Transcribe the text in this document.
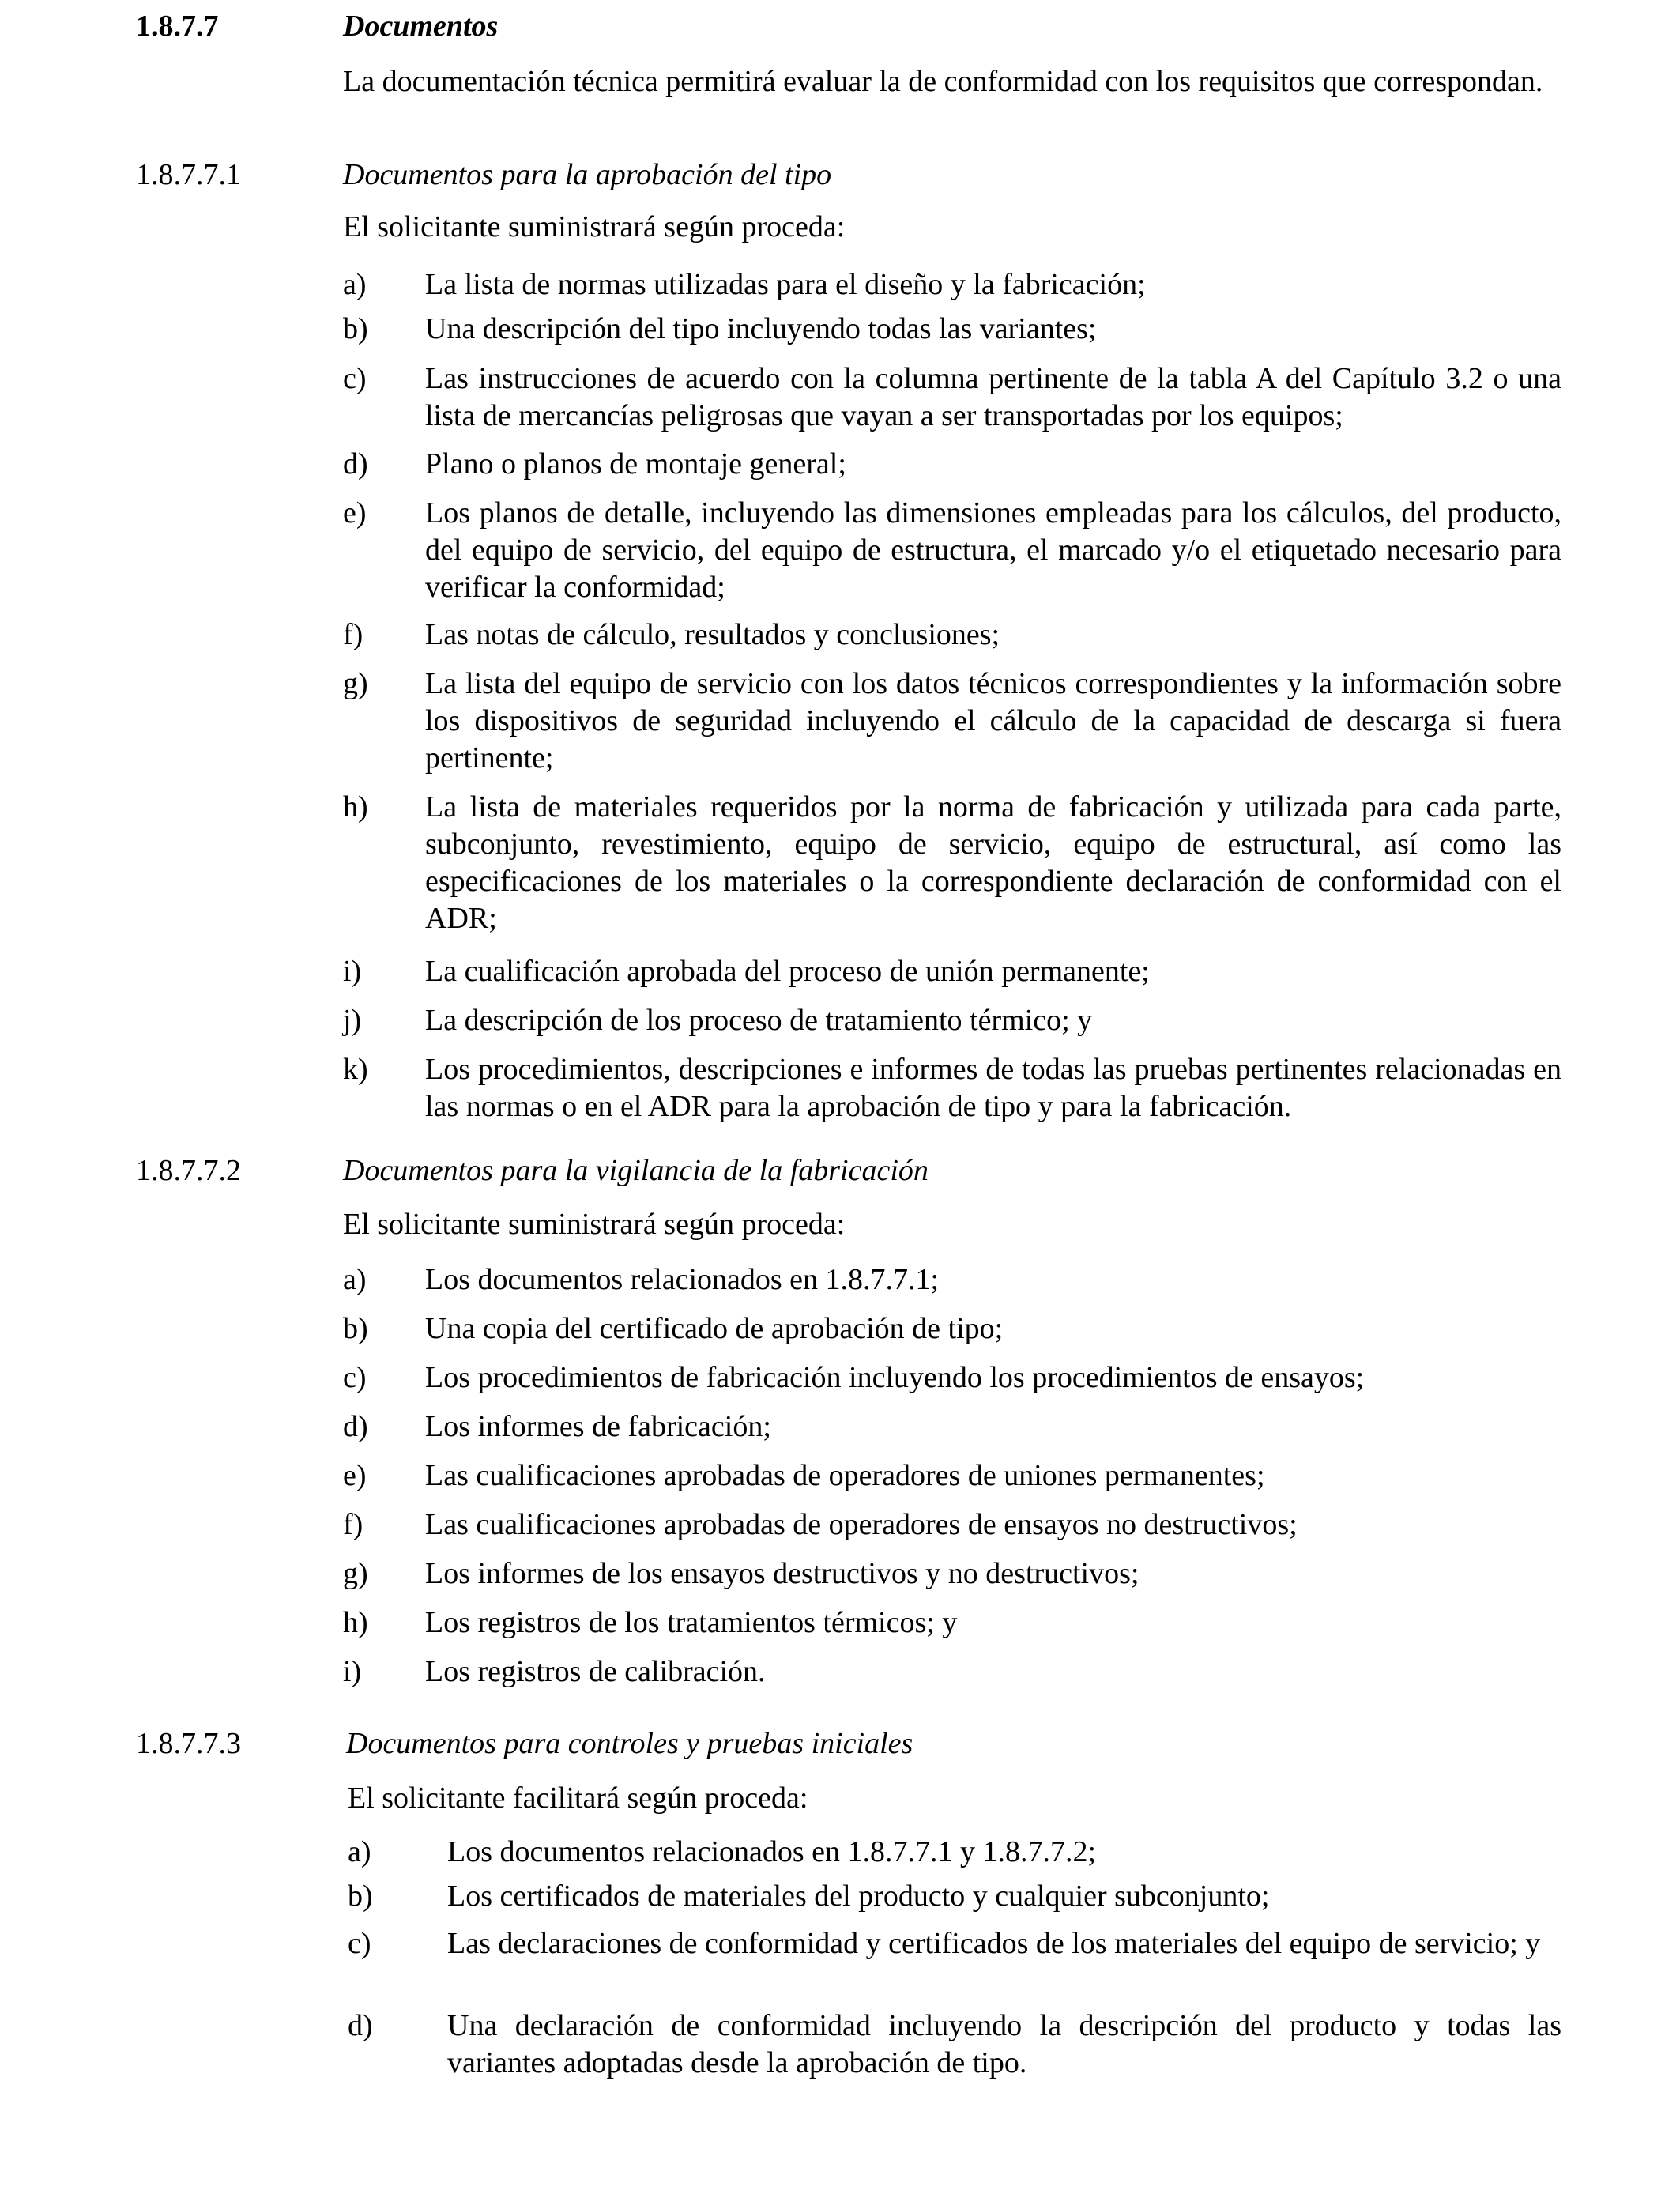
1.8.7.7	Documentos
La documentación técnica permitirá evaluar la de conformidad con los requisitos que correspondan.
1.8.7.7.1	Documentos para la aprobación del tipo
El solicitante suministrará según proceda:
a) La lista de normas utilizadas para el diseño y la fabricación;
b) Una descripción del tipo incluyendo todas las variantes;
c) Las instrucciones de acuerdo con la columna pertinente de la tabla A del Capítulo 3.2 o una lista de mercancías peligrosas que vayan a ser transportadas por los equipos;
d) Plano o planos de montaje general;
e) Los planos de detalle, incluyendo las dimensiones empleadas para los cálculos, del producto, del equipo de servicio, del equipo de estructura, el marcado y/o el etiquetado necesario para verificar la conformidad;
f) Las notas de cálculo, resultados y conclusiones;
g) La lista del equipo de servicio con los datos técnicos correspondientes y la información sobre los dispositivos de seguridad incluyendo el cálculo de la capacidad de descarga si fuera pertinente;
h) La lista de materiales requeridos por la norma de fabricación y utilizada para cada parte, subconjunto, revestimiento, equipo de servicio, equipo de estructural, así como las especificaciones de los materiales o la correspondiente declaración de conformidad con el ADR;
i) La cualificación aprobada del proceso de unión permanente;
j) La descripción de los proceso de tratamiento térmico; y
k) Los procedimientos, descripciones e informes de todas las pruebas pertinentes relacionadas en las normas o en el ADR para la aprobación de tipo y para la fabricación.
1.8.7.7.2	Documentos para la vigilancia de la fabricación
El solicitante suministrará según proceda:
a) Los documentos relacionados en 1.8.7.7.1;
b) Una copia del certificado de aprobación de tipo;
c) Los procedimientos de fabricación incluyendo los procedimientos de ensayos;
d) Los informes de fabricación;
e) Las cualificaciones aprobadas de operadores de uniones permanentes;
f) Las cualificaciones aprobadas de operadores de ensayos no destructivos;
g) Los informes de los ensayos destructivos y no destructivos;
h) Los registros de los tratamientos térmicos; y
i) Los registros de calibración.
1.8.7.7.3	Documentos para controles y pruebas iniciales
El solicitante facilitará según proceda:
a)	Los documentos relacionados en 1.8.7.7.1 y 1.8.7.7.2;
b) Los certificados de materiales del producto y cualquier subconjunto;
c)	Las declaraciones de conformidad y certificados de los materiales del equipo de servicio; y
d) Una declaración de conformidad incluyendo la descripción del producto y todas las variantes adoptadas desde la aprobación de tipo.
